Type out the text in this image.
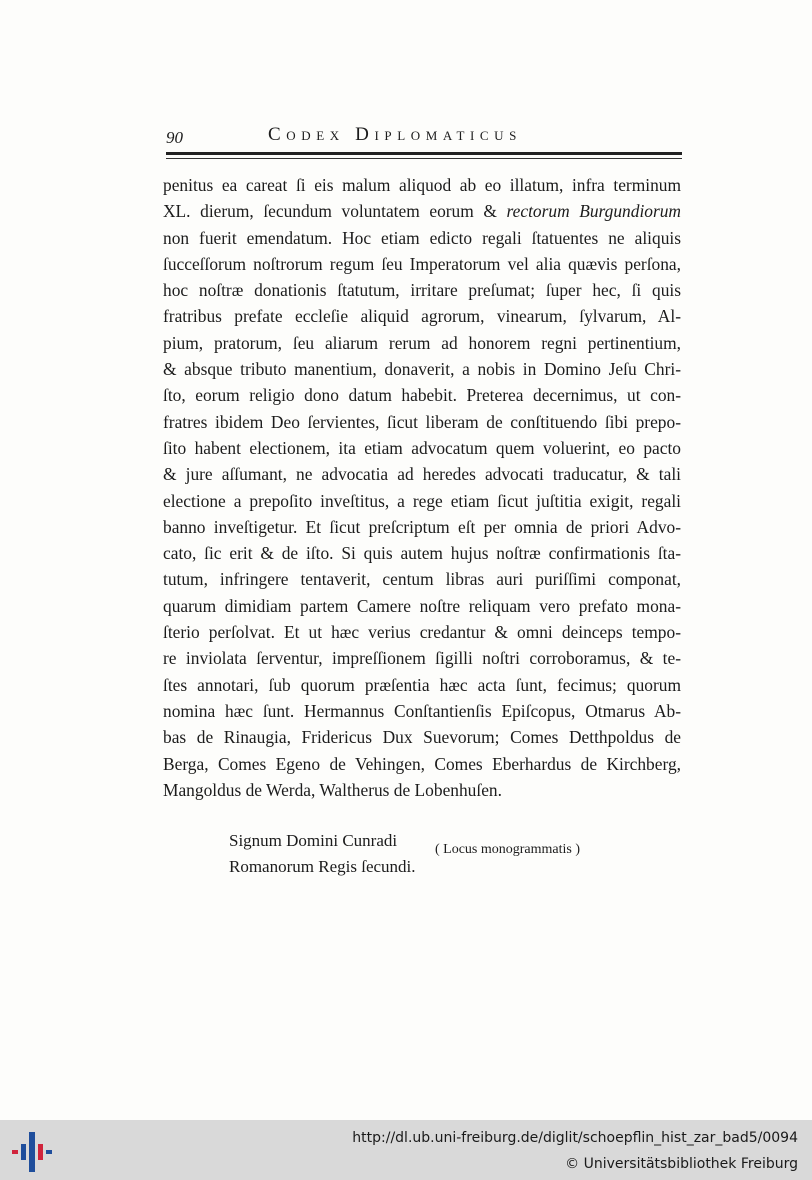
90	Codex Diplomaticus
penitus ea careat ſi eis malum aliquod ab eo illatum, infra terminum
XL. dierum, ſecundum voluntatem eorum & rectorum Burgundiorum
non fuerit emendatum. Hoc etiam edicto regali ſtatuentes ne aliquis
ſucceſſorum noſtrorum regum ſeu Imperatorum vel alia quævis perſona,
hoc noſtræ donationis ſtatutum, irritare preſumat; ſuper hec, ſi quis
fratribus prefate eccleſie aliquid agrorum, vinearum, ſylvarum, Al-
pium, pratorum, ſeu aliarum rerum ad honorem regni pertinentium,
& absque tributo manentium, donaverit, a nobis in Domino Jeſu Chri-
ſto, eorum religio dono datum habebit. Preterea decernimus, ut con-
fratres ibidem Deo ſervientes, ſicut liberam de conſtituendo ſibi prepo-
ſito habent electionem, ita etiam advocatum quem voluerint, eo pacto
& jure aſſumant, ne advocatia ad heredes advocati traducatur, & tali
electione a prepoſito inveſtitus, a rege etiam ſicut juſtitia exigit, regali
banno inveſtigetur. Et ſicut preſcriptum eſt per omnia de priori Advo-
cato, ſic erit & de iſto. Si quis autem hujus noſtræ confirmationis ſta-
tutum, infringere tentaverit, centum libras auri puriſſimi componat,
quarum dimidiam partem Camere noſtre reliquam vero prefato mona-
ſterio perſolvat. Et ut hæc verius credantur & omni deinceps tempo-
re inviolata ſerventur, impreſſionem ſigilli noſtri corroboramus, & te-
ſtes annotari, ſub quorum præſentia hæc acta ſunt, fecimus; quorum
nomina hæc ſunt. Hermannus Conſtantienſis Epiſcopus, Otmarus Ab-
bas de Rinaugia, Fridericus Dux Suevorum; Comes Detthpoldus de
Berga, Comes Egeno de Vehingen, Comes Eberhardus de Kirchberg,
Mangoldus de Werda, Waltherus de Lobenhuſen.
Signum Domini Cunradi
Romanorum Regis ſecundi.
( Locus monogrammatis )
http://dl.ub.uni-freiburg.de/diglit/schoepflin_hist_zar_bad5/0094
© Universitätsbibliothek Freiburg
